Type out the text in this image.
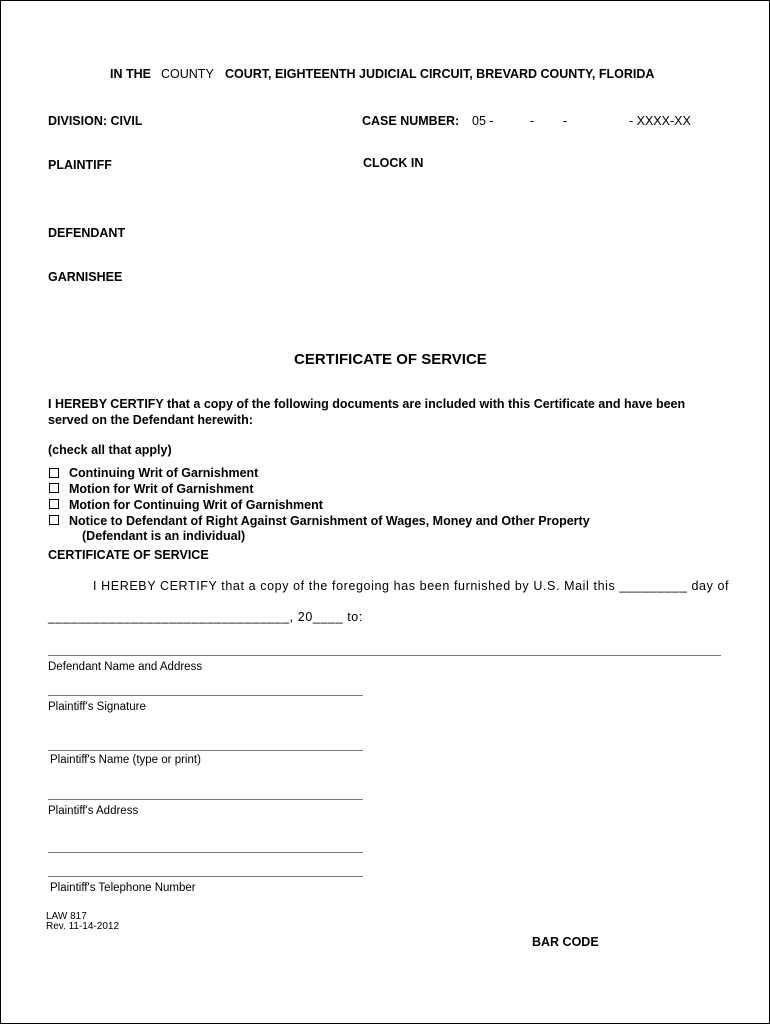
IN THE COUNTY COURT, EIGHTEENTH JUDICIAL CIRCUIT, BREVARD COUNTY, FLORIDA
DIVISION: CIVIL	CASE NUMBER: 05 -	- -	- XXXX-XX
PLAINTIFF	CLOCK IN
DEFENDANT
GARNISHEE
CERTIFICATE OF SERVICE
I HEREBY CERTIFY that a copy of the following documents are included with this Certificate and have been
served on the Defendant herewith:
(check all that apply)
Continuing Writ of Garnishment
Motion for Writ of Garnishment
Motion for Continuing Writ of Garnishment
Notice to Defendant of Right Against Garnishment of Wages, Money and Other Property
(Defendant is an individual)
CERTIFICATE OF SERVICE
I HEREBY CERTIFY that a copy of the foregoing has been furnished by U.S. Mail this _________ day of
________________________________, 20____ to:
Defendant Name and Address
Plaintiff's Signature
Plaintiff's Name (type or print)
Plaintiff's Address
Plaintiff's Telephone Number
LAW 817
Rev. 11-14-2012
BAR CODE
